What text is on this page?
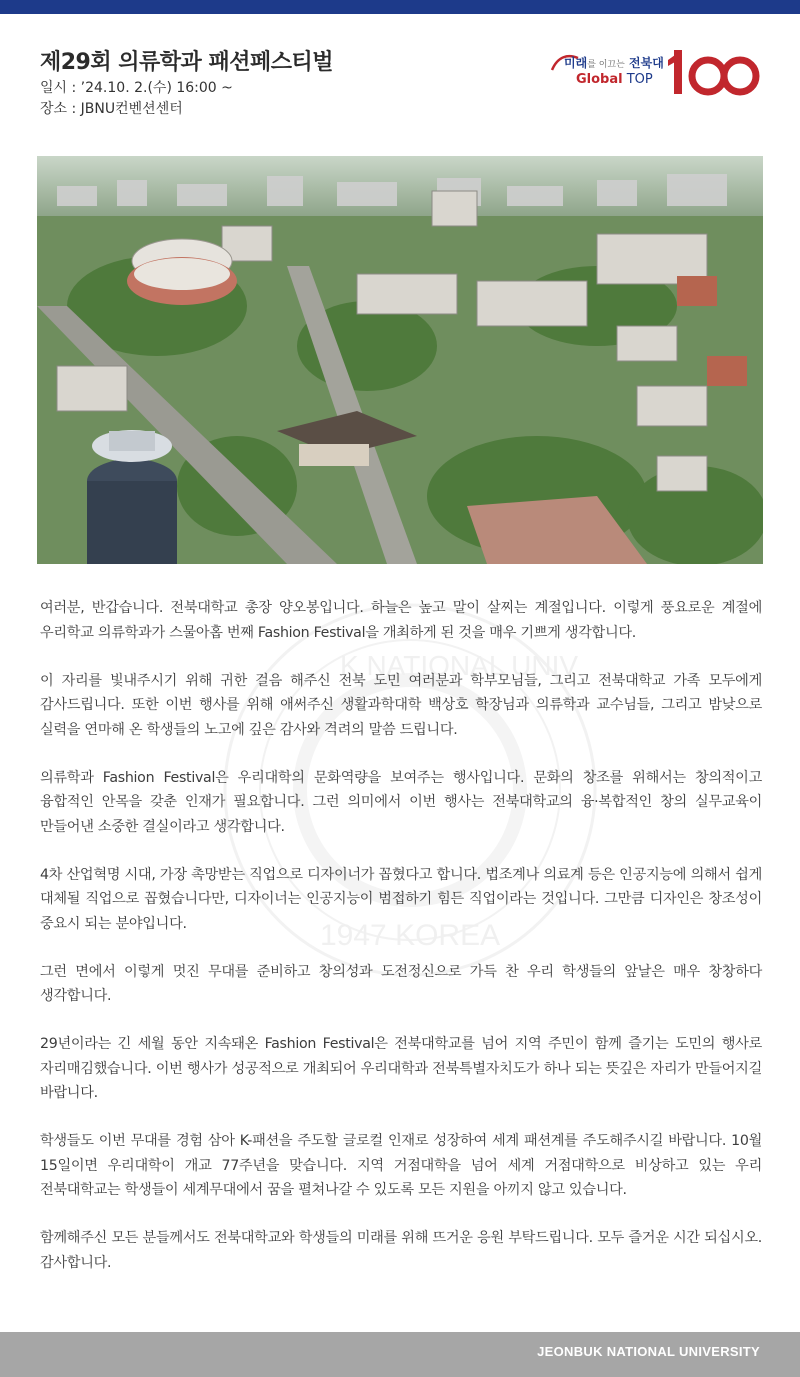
제29회 의류학과 패션페스티벌
일시 : ’24.10. 2.(수) 16:00 ~
장소 : JBNU컨벤션센터
미래를 이끄는 전북대
Global TOP
K NATIONAL UNIV
1947 KOREA

여러분, 반갑습니다. 전북대학교 총장 양오봉입니다. 하늘은 높고 말이 살찌는 계절입니다. 이렇게 풍요로운 계절에 우리학교 의류학과가 스물아홉 번째 Fashion Festival을 개최하게 된 것을 매우 기쁘게 생각합니다.

이 자리를 빛내주시기 위해 귀한 걸음 해주신 전북 도민 여러분과 학부모님들, 그리고 전북대학교 가족 모두에게 감사드립니다. 또한 이번 행사를 위해 애써주신 생활과학대학 백상호 학장님과 의류학과 교수님들, 그리고 밤낮으로 실력을 연마해 온 학생들의 노고에 깊은 감사와 격려의 말씀 드립니다.

의류학과 Fashion Festival은 우리대학의 문화역량을 보여주는 행사입니다. 문화의 창조를 위해서는 창의적이고 융합적인 안목을 갖춘 인재가 필요합니다. 그런 의미에서 이번 행사는 전북대학교의 융·복합적인 창의 실무교육이 만들어낸 소중한 결실이라고 생각합니다.

4차 산업혁명 시대, 가장 촉망받는 직업으로 디자이너가 꼽혔다고 합니다. 법조계나 의료계 등은 인공지능에 의해서 쉽게 대체될 직업으로 꼽혔습니다만, 디자이너는 인공지능이 범접하기 힘든 직업이라는 것입니다. 그만큼 디자인은 창조성이 중요시 되는 분야입니다.

그런 면에서 이렇게 멋진 무대를 준비하고 창의성과 도전정신으로 가득 찬 우리 학생들의 앞날은 매우 창창하다 생각합니다.

29년이라는 긴 세월 동안 지속돼온 Fashion Festival은 전북대학교를 넘어 지역 주민이 함께 즐기는 도민의 행사로 자리매김했습니다. 이번 행사가 성공적으로 개최되어 우리대학과 전북특별자치도가 하나 되는 뜻깊은 자리가 만들어지길 바랍니다.

학생들도 이번 무대를 경험 삼아 K-패션을 주도할 글로컬 인재로 성장하여 세계 패션계를 주도해주시길 바랍니다. 10월 15일이면 우리대학이 개교 77주년을 맞습니다. 지역 거점대학을 넘어 세계 거점대학으로 비상하고 있는 우리 전북대학교는 학생들이 세계무대에서 꿈을 펼쳐나갈 수 있도록 모든 지원을 아끼지 않고 있습니다.

함께해주신 모든 분들께서도 전북대학교와 학생들의 미래를 위해 뜨거운 응원 부탁드립니다. 모두 즐거운 시간 되십시오. 감사합니다.

JEONBUK NATIONAL UNIVERSITY
